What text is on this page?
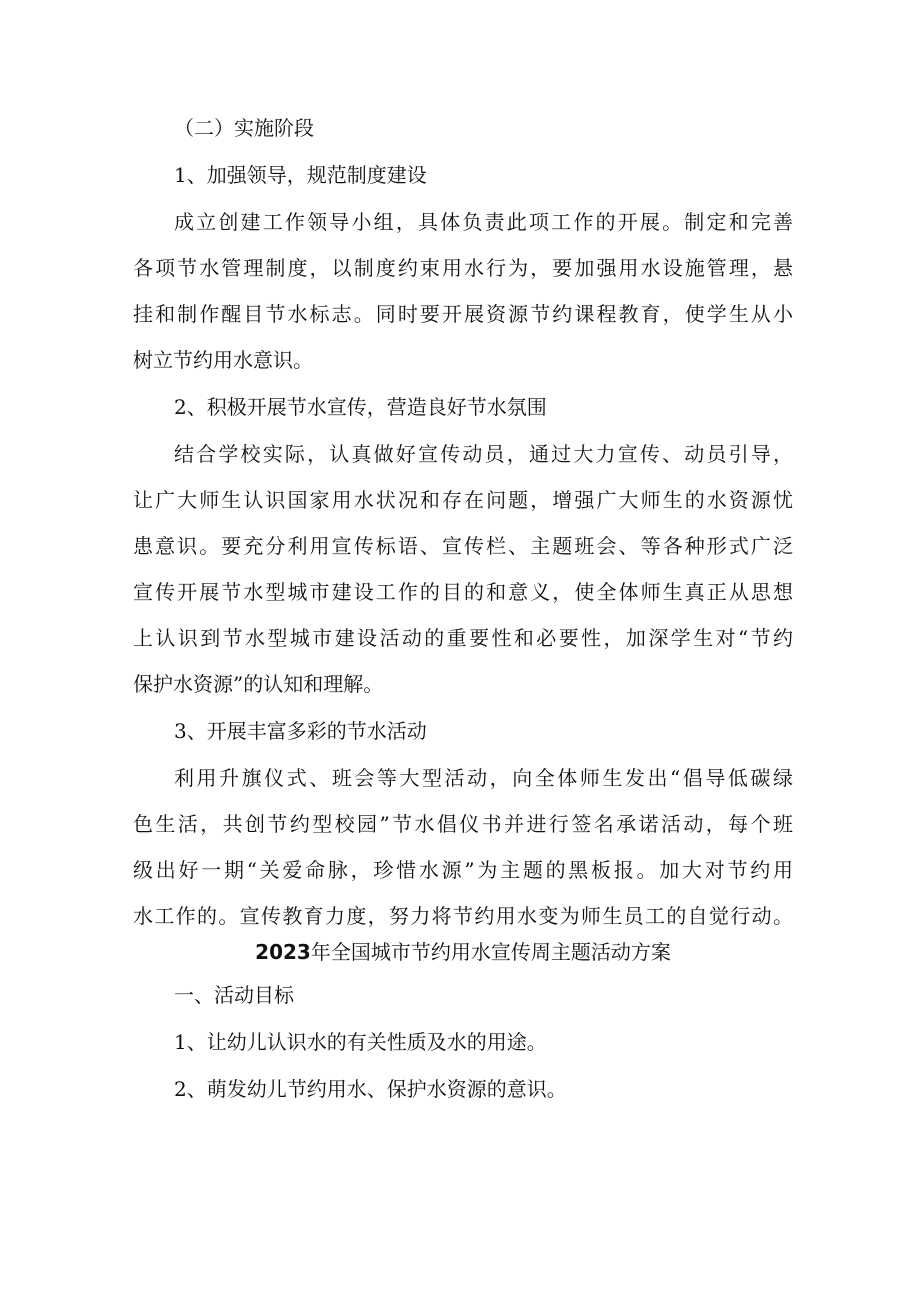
（二）实施阶段
1、加强领导，规范制度建设
成立创建工作领导小组，具体负责此项工作的开展。制定和完善
各项节水管理制度，以制度约束用水行为，要加强用水设施管理，悬
挂和制作醒目节水标志。同时要开展资源节约课程教育，使学生从小
树立节约用水意识。
2、积极开展节水宣传，营造良好节水氛围
结合学校实际，认真做好宣传动员，通过大力宣传、动员引导，
让广大师生认识国家用水状况和存在问题，增强广大师生的水资源忧
患意识。要充分利用宣传标语、宣传栏、主题班会、等各种形式广泛
宣传开展节水型城市建设工作的目的和意义，使全体师生真正从思想
上认识到节水型城市建设活动的重要性和必要性，加深学生对“节约
保护水资源”的认知和理解。
3、开展丰富多彩的节水活动
利用升旗仪式、班会等大型活动，向全体师生发出“倡导低碳绿
色生活，共创节约型校园”节水倡仪书并进行签名承诺活动，每个班
级出好一期“关爱命脉，珍惜水源”为主题的黑板报。加大对节约用
水工作的。宣传教育力度，努力将节约用水变为师生员工的自觉行动。
2023年全国城市节约用水宣传周主题活动方案
一、活动目标
1、让幼儿认识水的有关性质及水的用途。
2、萌发幼儿节约用水、保护水资源的意识。
